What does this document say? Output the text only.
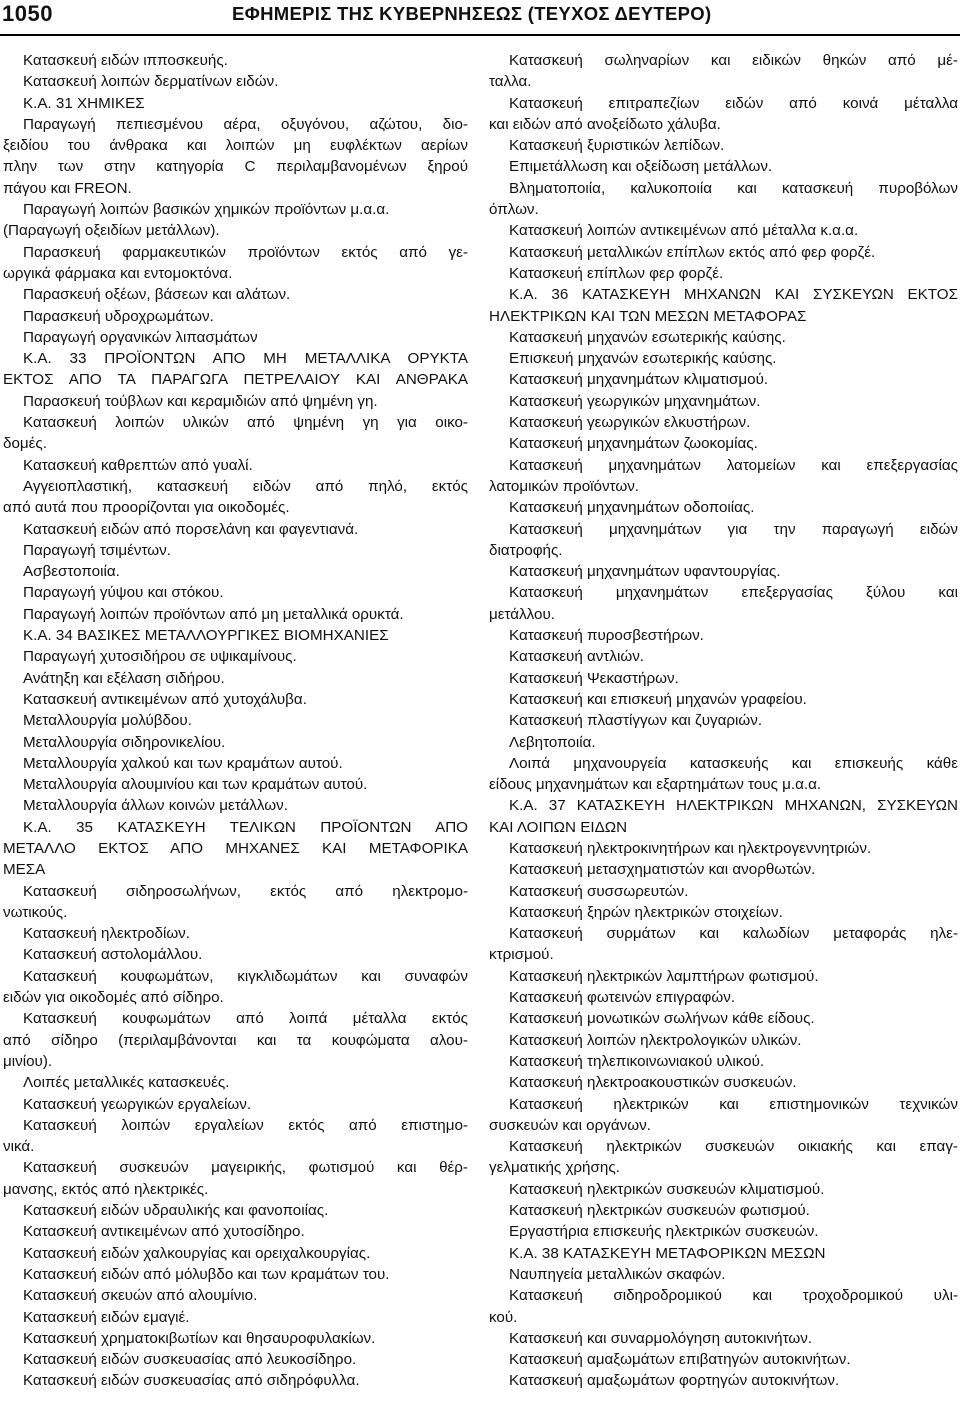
1050	ΕΦΗΜΕΡΙΣ ΤΗΣ ΚΥΒΕΡΝΗΣΕΩΣ (ΤΕΥΧΟΣ ΔΕΥΤΕΡΟ)
Κατασκευή ειδών ιπποσκευής.
Κατασκευή λοιπών δερματίνων ειδών.
Κ.Α. 31 ΧΗΜΙΚΕΣ
Παραγωγή πεπιεσμένου αέρα, οξυγόνου, αζώτου, διο-
ξειδίου του άνθρακα και λοιπών μη ευφλέκτων αερίων
πλην των στην κατηγορία C περιλαμβανομένων ξηρού
πάγου και FREON.
Παραγωγή λοιπών βασικών χημικών προϊόντων μ.α.α.
(Παραγωγή οξειδίων μετάλλων).
Παρασκευή φαρμακευτικών προϊόντων εκτός από γε-
ωργικά φάρμακα και εντομοκτόνα.
Παρασκευή οξέων, βάσεων και αλάτων.
Παρασκευή υδροχρωμάτων.
Παραγωγή οργανικών λιπασμάτων
Κ.Α. 33 ΠΡΟΪΟΝΤΩΝ ΑΠΟ ΜΗ ΜΕΤΑΛΛΙΚΑ ΟΡΥΚΤΑ
ΕΚΤΟΣ ΑΠΟ ΤΑ ΠΑΡΑΓΩΓΑ ΠΕΤΡΕΛΑΙΟΥ ΚΑΙ ΑΝΘΡΑΚΑ
Παρασκευή τούβλων και κεραμιδιών από ψημένη γη.
Κατασκευή λοιπών υλικών από ψημένη γη για οικο-
δομές.
Κατασκευή καθρεπτών από γυαλί.
Αγγειοπλαστική, κατασκευή ειδών από πηλό, εκτός
από αυτά που προορίζονται για οικοδομές.
Κατασκευή ειδών από πορσελάνη και φαγεντιανά.
Παραγωγή τσιμέντων.
Ασβεστοποιία.
Παραγωγή γύψου και στόκου.
Παραγωγή λοιπών προϊόντων από μη μεταλλικά ορυκτά.
Κ.Α. 34 ΒΑΣΙΚΕΣ ΜΕΤΑΛΛΟΥΡΓΙΚΕΣ ΒΙΟΜΗΧΑΝΙΕΣ
Παραγωγή χυτοσιδήρου σε υψικαμίνους.
Ανάτηξη και εξέλαση σιδήρου.
Κατασκευή αντικειμένων από χυτοχάλυβα.
Μεταλλουργία μολύβδου.
Μεταλλουργία σιδηρονικελίου.
Μεταλλουργία χαλκού και των κραμάτων αυτού.
Μεταλλουργία αλουμινίου και των κραμάτων αυτού.
Μεταλλουργία άλλων κοινών μετάλλων.
Κ.Α. 35 ΚΑΤΑΣΚΕΥΗ ΤΕΛΙΚΩΝ ΠΡΟΪΟΝΤΩΝ ΑΠΟ
ΜΕΤΑΛΛΟ ΕΚΤΟΣ ΑΠΟ ΜΗΧΑΝΕΣ ΚΑΙ ΜΕΤΑΦΟΡΙΚΑ
ΜΕΣΑ
Κατασκευή σιδηροσωλήνων, εκτός από ηλεκτρομο-
νωτικούς.
Κατασκευή ηλεκτροδίων.
Κατασκευή αστολομάλλου.
Κατασκευή κουφωμάτων, κιγκλιδωμάτων και συναφών
ειδών για οικοδομές από σίδηρο.
Κατασκευή κουφωμάτων από λοιπά μέταλλα εκτός
από σίδηρο (περιλαμβάνονται και τα κουφώματα αλου-
μινίου).
Λοιπές μεταλλικές κατασκευές.
Κατασκευή γεωργικών εργαλείων.
Κατασκευή λοιπών εργαλείων εκτός από επιστημο-
νικά.
Κατασκευή συσκευών μαγειρικής, φωτισμού και θέρ-
μανσης, εκτός από ηλεκτρικές.
Κατασκευή ειδών υδραυλικής και φανοποιίας.
Κατασκευή αντικειμένων από χυτοσίδηρο.
Κατασκευή ειδών χαλκουργίας και ορειχαλκουργίας.
Κατασκευή ειδών από μόλυβδο και των κραμάτων του.
Κατασκευή σκευών από αλουμίνιο.
Κατασκευή ειδών εμαγιέ.
Κατασκευή χρηματοκιβωτίων και θησαυροφυλακίων.
Κατασκευή ειδών συσκευασίας από λευκοσίδηρο.
Κατασκευή ειδών συσκευασίας από σιδηρόφυλλα.
Κατασκευή σωληναρίων και ειδικών θηκών από μέ-
ταλλα.
Κατασκευή επιτραπεζίων ειδών από κοινά μέταλλα
και ειδών από ανοξείδωτο χάλυβα.
Κατασκευή ξυριστικών λεπίδων.
Επιμετάλλωση και οξείδωση μετάλλων.
Βληματοποιία, καλυκοποιία και κατασκευή πυροβόλων
όπλων.
Κατασκευή λοιπών αντικειμένων από μέταλλα κ.α.α.
Κατασκευή μεταλλικών επίπλων εκτός από φερ φορζέ.
Κατασκευή επίπλων φερ φορζέ.
Κ.Α. 36 ΚΑΤΑΣΚΕΥΗ ΜΗΧΑΝΩΝ ΚΑΙ ΣΥΣΚΕΥΩΝ ΕΚΤΟΣ
ΗΛΕΚΤΡΙΚΩΝ ΚΑΙ ΤΩΝ ΜΕΣΩΝ ΜΕΤΑΦΟΡΑΣ
Κατασκευή μηχανών εσωτερικής καύσης.
Επισκευή μηχανών εσωτερικής καύσης.
Κατασκευή μηχανημάτων κλιματισμού.
Κατασκευή γεωργικών μηχανημάτων.
Κατασκευή γεωργικών ελκυστήρων.
Κατασκευή μηχανημάτων ζωοκομίας.
Κατασκευή μηχανημάτων λατομείων και επεξεργασίας
λατομικών προϊόντων.
Κατασκευή μηχανημάτων οδοποιίας.
Κατασκευή μηχανημάτων για την παραγωγή ειδών
διατροφής.
Κατασκευή μηχανημάτων υφαντουργίας.
Κατασκευή μηχανημάτων επεξεργασίας ξύλου και
μετάλλου.
Κατασκευή πυροσβεστήρων.
Κατασκευή αντλιών.
Κατασκευή Ψεκαστήρων.
Κατασκευή και επισκευή μηχανών γραφείου.
Κατασκευή πλαστίγγων και ζυγαριών.
Λεβητοποιία.
Λοιπά μηχανουργεία κατασκευής και επισκευής κάθε
είδους μηχανημάτων και εξαρτημάτων τους μ.α.α.
Κ.Α. 37 ΚΑΤΑΣΚΕΥΗ ΗΛΕΚΤΡΙΚΩΝ ΜΗΧΑΝΩΝ, ΣΥΣΚΕΥΩΝ
ΚΑΙ ΛΟΙΠΩΝ ΕΙΔΩΝ
Κατασκευή ηλεκτροκινητήρων και ηλεκτρογεννητριών.
Κατασκευή μετασχηματιστών και ανορθωτών.
Κατασκευή συσσωρευτών.
Κατασκευή ξηρών ηλεκτρικών στοιχείων.
Κατασκευή συρμάτων και καλωδίων μεταφοράς ηλε-
κτρισμού.
Κατασκευή ηλεκτρικών λαμπτήρων φωτισμού.
Κατασκευή φωτεινών επιγραφών.
Κατασκευή μονωτικών σωλήνων κάθε είδους.
Κατασκευή λοιπών ηλεκτρολογικών υλικών.
Κατασκευή τηλεπικοινωνιακού υλικού.
Κατασκευή ηλεκτροακουστικών συσκευών.
Κατασκευή ηλεκτρικών και επιστημονικών τεχνικών
συσκευών και οργάνων.
Κατασκευή ηλεκτρικών συσκευών οικιακής και επαγ-
γελματικής χρήσης.
Κατασκευή ηλεκτρικών συσκευών κλιματισμού.
Κατασκευή ηλεκτρικών συσκευών φωτισμού.
Εργαστήρια επισκευής ηλεκτρικών συσκευών.
Κ.Α. 38 ΚΑΤΑΣΚΕΥΗ ΜΕΤΑΦΟΡΙΚΩΝ ΜΕΣΩΝ
Ναυπηγεία μεταλλικών σκαφών.
Κατασκευή σιδηροδρομικού και τροχοδρομικού υλι-
κού.
Κατασκευή και συναρμολόγηση αυτοκινήτων.
Κατασκευή αμαξωμάτων επιβατηγών αυτοκινήτων.
Κατασκευή αμαξωμάτων φορτηγών αυτοκινήτων.
